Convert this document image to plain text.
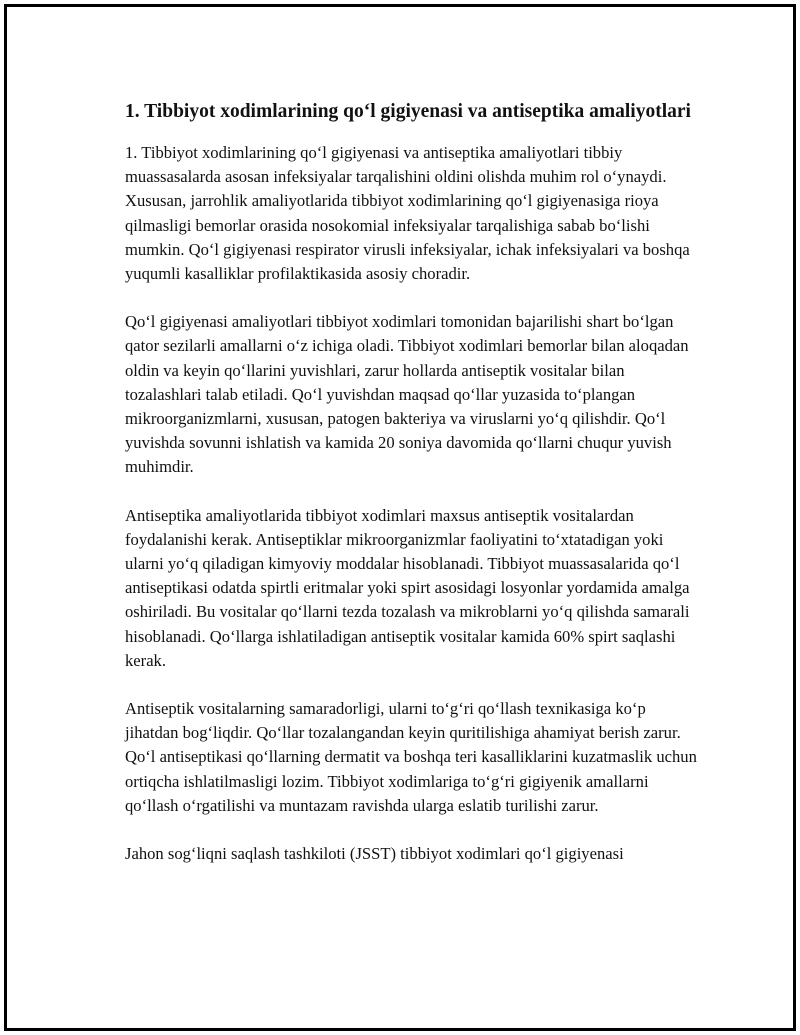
1. Tibbiyot xodimlarining qo‘l gigiyenasi va antiseptika amaliyotlari

1. Tibbiyot xodimlarining qo‘l gigiyenasi va antiseptika amaliyotlari tibbiy muassasalarda asosan infeksiyalar tarqalishini oldini olishda muhim rol o‘ynaydi. Xususan, jarrohlik amaliyotlarida tibbiyot xodimlarining qo‘l gigiyenasiga rioya qilmasligi bemorlar orasida nosokomial infeksiyalar tarqalishiga sabab bo‘lishi mumkin. Qo‘l gigiyenasi respirator virusli infeksiyalar, ichak infeksiyalari va boshqa yuqumli kasalliklar profilaktikasida asosiy choradir.

Qo‘l gigiyenasi amaliyotlari tibbiyot xodimlari tomonidan bajarilishi shart bo‘lgan qator sezilarli amallarni o‘z ichiga oladi. Tibbiyot xodimlari bemorlar bilan aloqadan oldin va keyin qo‘llarini yuvishlari, zarur hollarda antiseptik vositalar bilan tozalashlari talab etiladi. Qo‘l yuvishdan maqsad qo‘llar yuzasida to‘plangan mikroorganizmlarni, xususan, patogen bakteriya va viruslarni yo‘q qilishdir. Qo‘l yuvishda sovunni ishlatish va kamida 20 soniya davomida qo‘llarni chuqur yuvish muhimdir.

Antiseptika amaliyotlarida tibbiyot xodimlari maxsus antiseptik vositalardan foydalanishi kerak. Antiseptiklar mikroorganizmlar faoliyatini to‘xtatadigan yoki ularni yo‘q qiladigan kimyoviy moddalar hisoblanadi. Tibbiyot muassasalarida qo‘l antiseptikasi odatda spirtli eritmalar yoki spirt asosidagi losyonlar yordamida amalga oshiriladi. Bu vositalar qo‘llarni tezda tozalash va mikroblarni yo‘q qilishda samarali hisoblanadi. Qo‘llarga ishlatiladigan antiseptik vositalar kamida 60% spirt saqlashi kerak.

Antiseptik vositalarning samaradorligi, ularni to‘g‘ri qo‘llash texnikasiga ko‘p jihatdan bog‘liqdir. Qo‘llar tozalangandan keyin quritilishiga ahamiyat berish zarur. Qo‘l antiseptikasi qo‘llarning dermatit va boshqa teri kasalliklarini kuzatmaslik uchun ortiqcha ishlatilmasligi lozim. Tibbiyot xodimlariga to‘g‘ri gigiyenik amallarni qo‘llash o‘rgatilishi va muntazam ravishda ularga eslatib turilishi zarur.

Jahon sog‘liqni saqlash tashkiloti (JSST) tibbiyot xodimlari qo‘l gigiyenasi
